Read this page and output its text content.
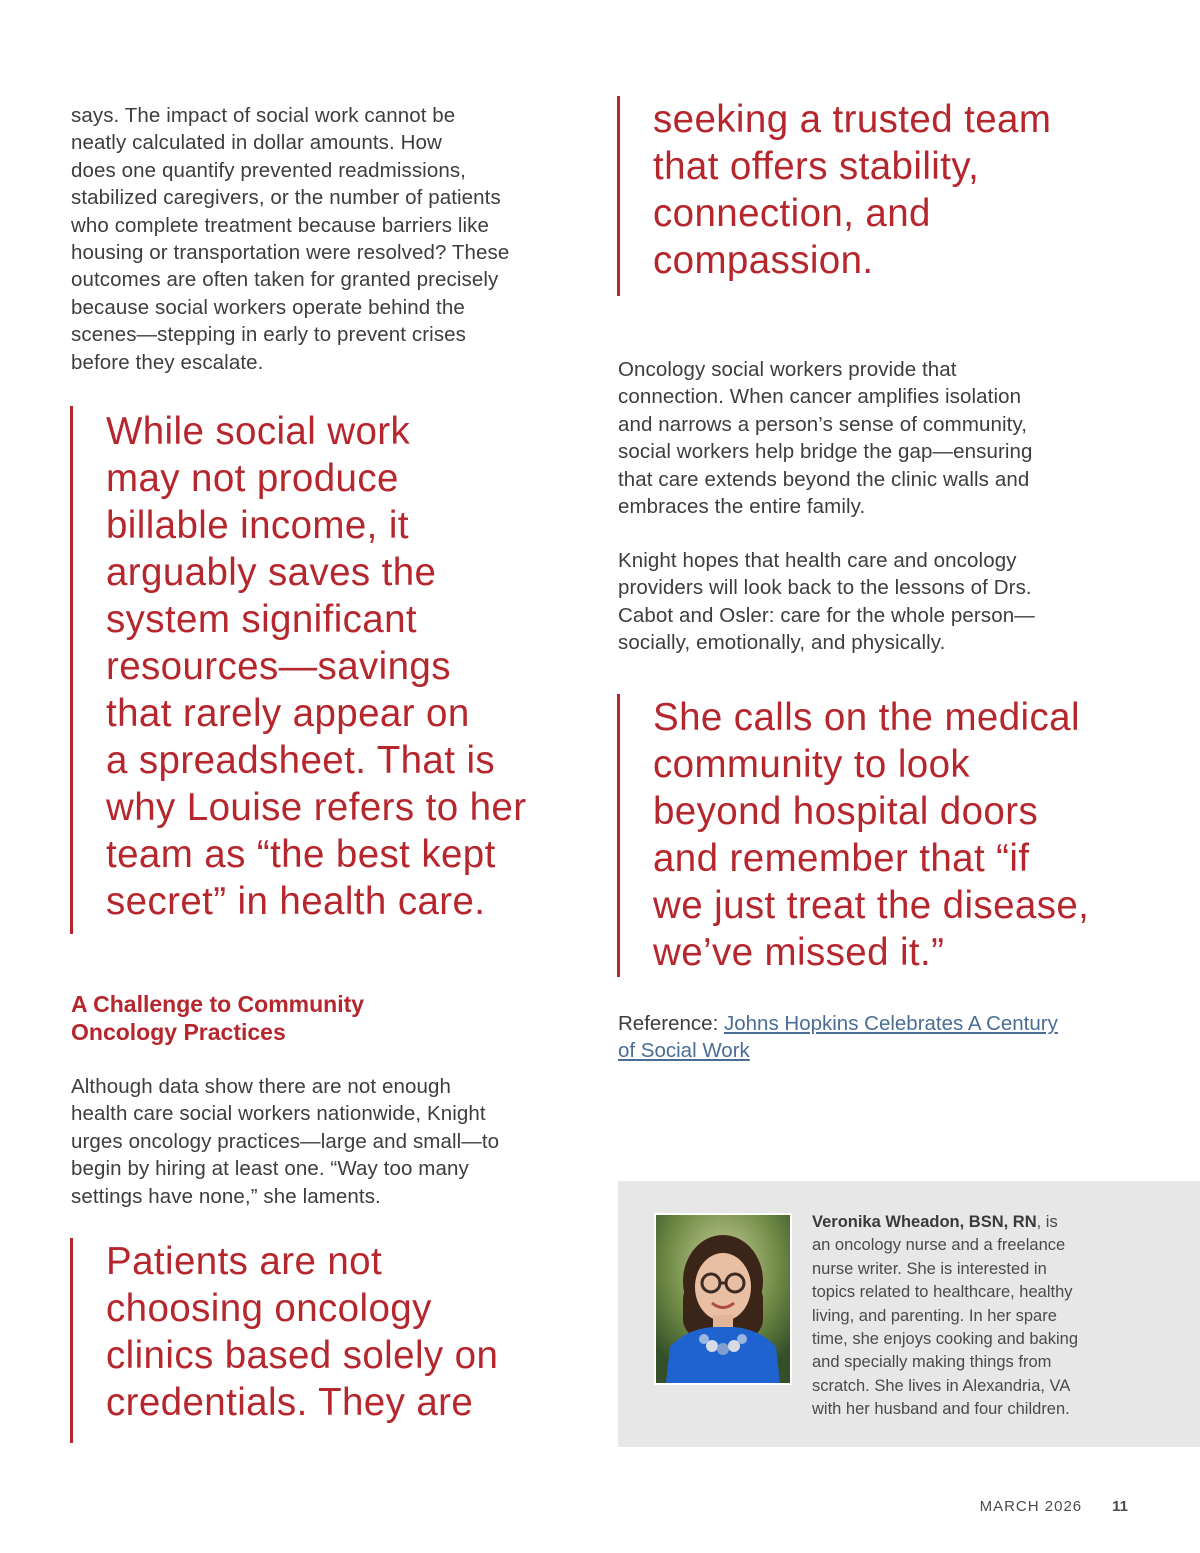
says. The impact of social work cannot be
neatly calculated in dollar amounts. How
does one quantify prevented readmissions,
stabilized caregivers, or the number of patients
who complete treatment because barriers like
housing or transportation were resolved? These
outcomes are often taken for granted precisely
because social workers operate behind the
scenes—stepping in early to prevent crises
before they escalate.

While social work
may not produce
billable income, it
arguably saves the
system significant
resources—savings
that rarely appear on
a spreadsheet. That is
why Louise refers to her
team as “the best kept
secret” in health care.

A Challenge to Community
Oncology Practices

Although data show there are not enough
health care social workers nationwide, Knight
urges oncology practices—large and small—to
begin by hiring at least one. “Way too many
settings have none,” she laments.

Patients are not
choosing oncology
clinics based solely on
credentials. They are

seeking a trusted team
that offers stability,
connection, and
compassion.

Oncology social workers provide that
connection. When cancer amplifies isolation
and narrows a person’s sense of community,
social workers help bridge the gap—ensuring
that care extends beyond the clinic walls and
embraces the entire family.

Knight hopes that health care and oncology
providers will look back to the lessons of Drs.
Cabot and Osler: care for the whole person—
socially, emotionally, and physically.

She calls on the medical
community to look
beyond hospital doors
and remember that “if
we just treat the disease,
we’ve missed it.”

Reference: Johns Hopkins Celebrates A Century
of Social Work

Veronika Wheadon, BSN, RN, is
an oncology nurse and a freelance
nurse writer. She is interested in
topics related to healthcare, healthy
living, and parenting. In her spare
time, she enjoys cooking and baking
and specially making things from
scratch. She lives in Alexandria, VA
with her husband and four children.

MARCH 2026 11
